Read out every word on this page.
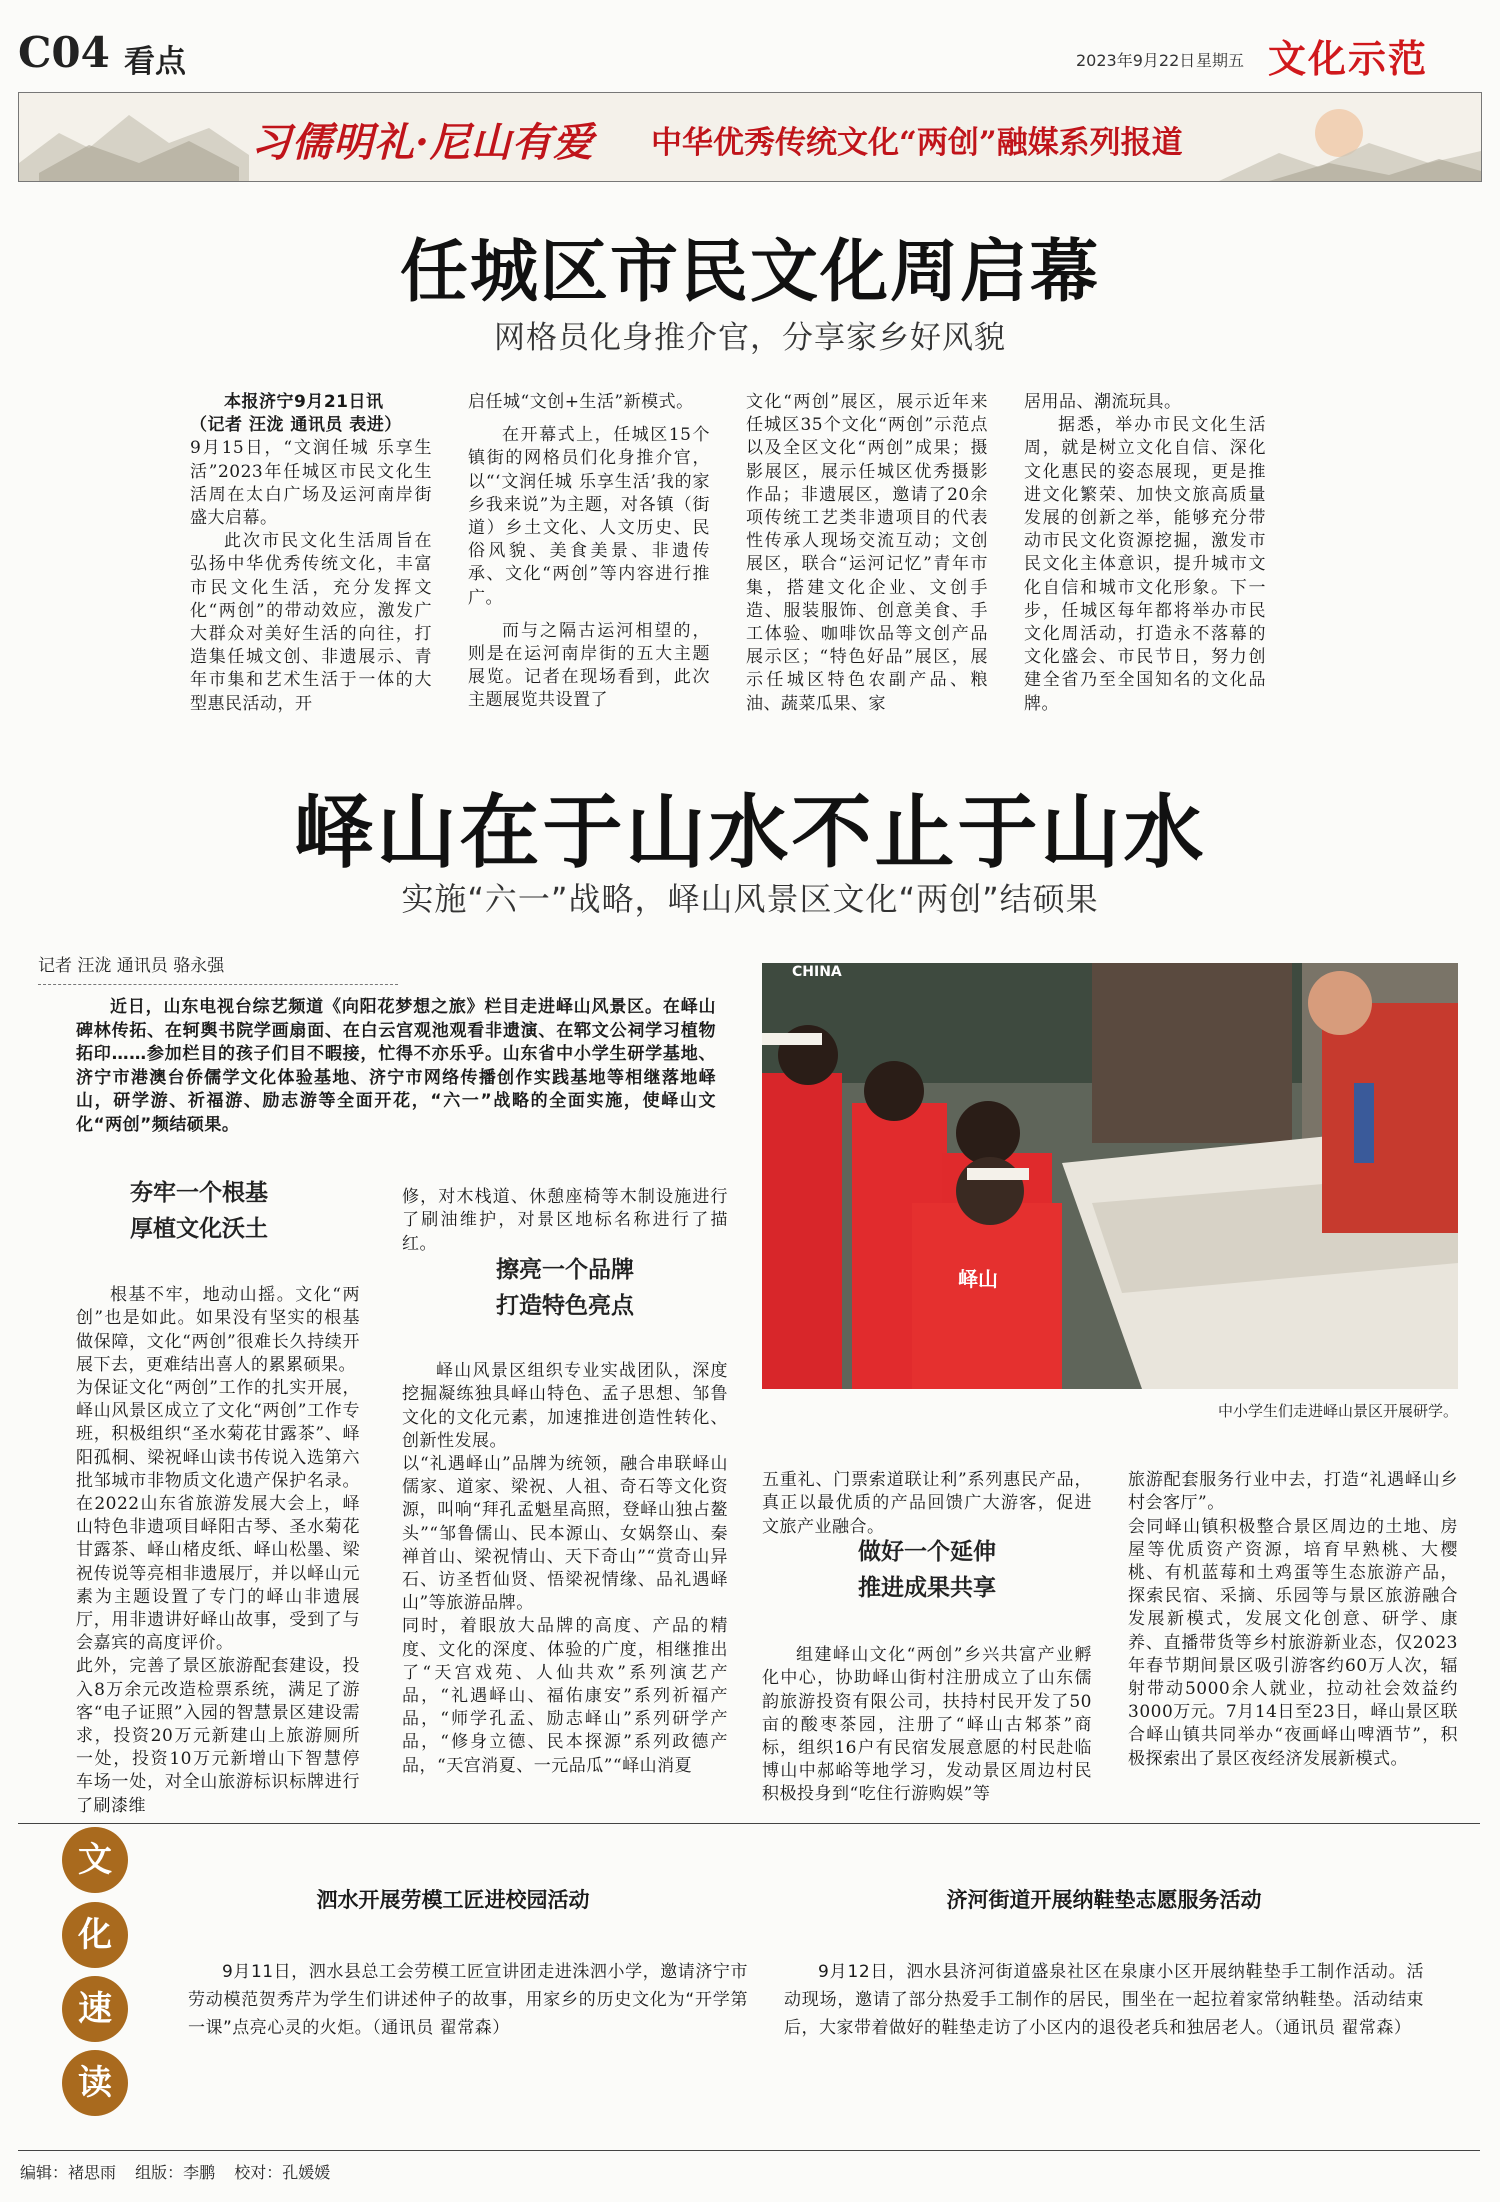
C04 看点	2023年9月22日 星期五 文化示范
习儒明礼·尼山有爱 中华优秀传统文化“两创”融媒系列报道
任城区市民文化周启幕
网格员化身推介官，分享家乡好风貌
本报济宁9月21日讯
（记者 汪泷 通讯员 表进）
9月15日，“文润任城 乐享生活”2023年任城区市民文化生活周在太白广场及运河南岸街盛大启幕。

此次市民文化生活周旨在弘扬中华优秀传统文化，丰富市民文化生活，充分发挥文化“两创”的带动效应，激发广大群众对美好生活的向往，打造集任城文创、非遗展示、青年市集和艺术生活于一体的大型惠民活动，开

启任城“文创+生活”新模式。

在开幕式上，任城区15个镇街的网格员们化身推介官，以“‘文润任城 乐享生活’我的家乡我来说”为主题，对各镇（街道）乡土文化、人文历史、民俗风貌、美食美景、非遗传承、文化“两创”等内容进行推广。

而与之隔古运河相望的，则是在运河南岸街的五大主题展览。记者在现场看到，此次主题展览共设置了

文化“两创”展区，展示近年来任城区35个文化“两创”示范点以及全区文化“两创”成果；摄影展区，展示任城区优秀摄影作品；非遗展区，邀请了20余项传统工艺类非遗项目的代表性传承人现场交流互动；文创展区，联合“运河记忆”青年市集，搭建文化企业、文创手造、服装服饰、创意美食、手工体验、咖啡饮品等文创产品展示区；“特色好品”展区，展示任城区特色农副产品、粮油、蔬菜瓜果、家
居用品、潮流玩具。

据悉，举办市民文化生活周，就是树立文化自信、深化文化惠民的姿态展现，更是推进文化繁荣、加快文旅高质量发展的创新之举，能够充分带动市民文化资源挖掘，激发市民文化主体意识，提升城市文化自信和城市文化形象。下一步，任城区每年都将举办市民文化周活动，打造永不落幕的文化盛会、市民节日，努力创建全省乃至全国知名的文化品牌。

峄山在于山水不止于山水
实施“六一”战略，峄山风景区文化“两创”结硕果
记者 汪泷 通讯员 骆永强

近日，山东电视台综艺频道《向阳花梦想之旅》栏目走进峄山风景区。在峄山碑林传拓、在轲舆书院学画扇面、在白云宫观池观看非遗演、在郓文公祠学习植物拓印……参加栏目的孩子们目不暇接，忙得不亦乐乎。山东省中小学生研学基地、济宁市港澳台侨儒学文化体验基地、济宁市网络传播创作实践基地等相继落地峄山，研学游、祈福游、励志游等全面开花，“六一”战略的全面实施，使峄山文化“两创”频结硕果。

CHINA
峄山
中小学生们走进峄山景区开展研学。
夯牢一个根基
厚植文化沃土

根基不牢，地动山摇。文化“两创”也是如此。如果没有坚实的根基做保障，文化“两创”很难长久持续开展下去，更难结出喜人的累累硕果。
为保证文化“两创”工作的扎实开展，峄山风景区成立了文化“两创”工作专班，积极组织“圣水菊花甘露茶”、峄阳孤桐、梁祝峄山读书传说入选第六批邹城市非物质文化遗产保护名录。在2022山东省旅游发展大会上，峄山特色非遗项目峄阳古琴、圣水菊花甘露茶、峄山楮皮纸、峄山松墨、梁祝传说等亮相非遗展厅，并以峄山元素为主题设置了专门的峄山非遗展厅，用非遗讲好峄山故事，受到了与会嘉宾的高度评价。
此外，完善了景区旅游配套建设，投入8万余元改造检票系统，满足了游客“电子证照”入园的智慧景区建设需求，投资20万元新建山上旅游厕所一处，投资10万元新增山下智慧停车场一处，对全山旅游标识标牌进行了刷漆维

修，对木栈道、休憩座椅等木制设施进行了刷油维护，对景区地标名称进行了描红。

擦亮一个品牌
打造特色亮点

峄山风景区组织专业实战团队，深度挖掘凝练独具峄山特色、孟子思想、邹鲁文化的文化元素，加速推进创造性转化、创新性发展。
以“礼遇峄山”品牌为统领，融合串联峄山儒家、道家、梁祝、人祖、奇石等文化资源，叫响“拜孔孟魁星高照，登峄山独占鳌头”“邹鲁儒山、民本源山、女娲祭山、秦禅首山、梁祝情山、天下奇山”“赏奇山异石、访圣哲仙贤、悟梁祝情缘、品礼遇峄山”等旅游品牌。
同时，着眼放大品牌的高度、产品的精度、文化的深度、体验的广度，相继推出了“天宫戏苑、人仙共欢”系列演艺产品，“礼遇峄山、福佑康安”系列祈福产品，“师学孔孟、励志峄山”系列研学产品，“修身立德、民本探源”系列政德产品，“天宫消夏、一元品瓜”“峄山消夏

五重礼、门票索道联让利”系列惠民产品，真正以最优质的产品回馈广大游客，促进文旅产业融合。

做好一个延伸
推进成果共享

组建峄山文化“两创”乡兴共富产业孵化中心，协助峄山街村注册成立了山东儒韵旅游投资有限公司，扶持村民开发了50亩的酸枣茶园，注册了“峄山古邾茶”商标，组织16户有民宿发展意愿的村民赴临博山中郝峪等地学习，发动景区周边村民积极投身到“吃住行游购娱”等

旅游配套服务行业中去，打造“礼遇峄山乡村会客厅”。
会同峄山镇积极整合景区周边的土地、房屋等优质资产资源，培育早熟桃、大樱桃、有机蓝莓和土鸡蛋等生态旅游产品，探索民宿、采摘、乐园等与景区旅游融合发展新模式，发展文化创意、研学、康养、直播带货等乡村旅游新业态，仅2023年春节期间景区吸引游客约60万人次，辐射带动5000余人就业，拉动社会效益约3000万元。7月14日至23日，峄山景区联合峄山镇共同举办“夜画峄山啤酒节”，积极探索出了景区夜经济发展新模式。

文
化
速
读
泗水开展劳模工匠进校园活动

9月11日，泗水县总工会劳模工匠宣讲团走进洙泗小学，邀请济宁市劳动模范贺秀芹为学生们讲述仲子的故事，用家乡的历史文化为“开学第一课”点亮心灵的火炬。（通讯员 翟常森）

济河街道开展纳鞋垫志愿服务活动

9月12日，泗水县济河街道盛泉社区在泉康小区开展纳鞋垫手工制作活动。活动现场，邀请了部分热爱手工制作的居民，围坐在一起拉着家常纳鞋垫。活动结束后，大家带着做好的鞋垫走访了小区内的退役老兵和独居老人。（通讯员 翟常森）

编辑：褚思雨 组版：李鹏 校对：孔媛媛
